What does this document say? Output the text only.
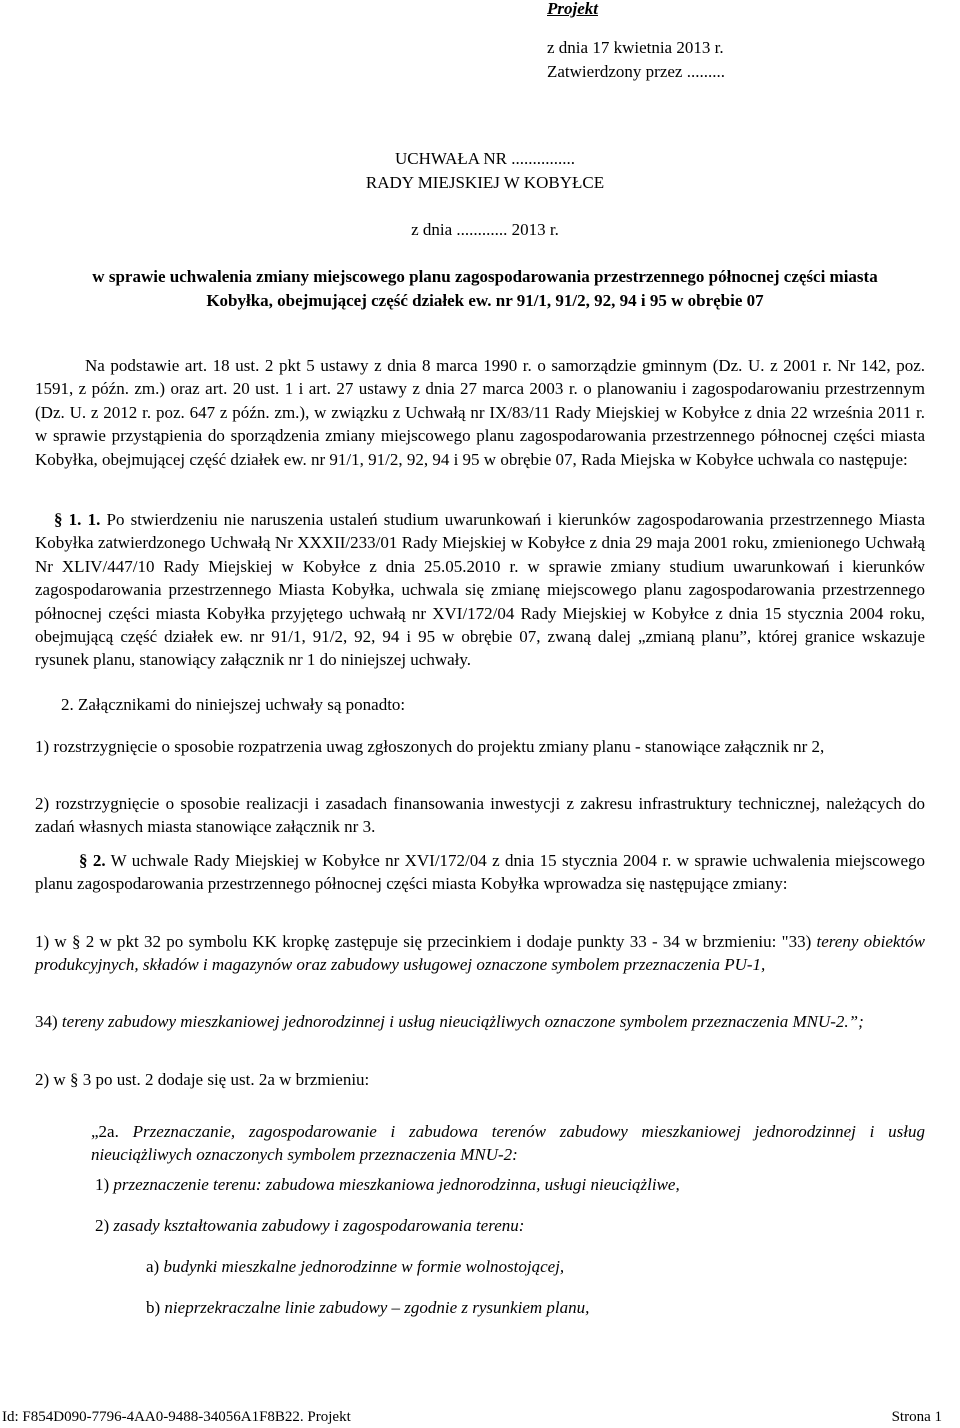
Projekt
z dnia 17 kwietnia 2013 r.
Zatwierdzony przez .........
UCHWAŁA NR ...............
RADY MIEJSKIEJ W KOBYŁCE
z dnia ............ 2013 r.
w sprawie uchwalenia zmiany miejscowego planu zagospodarowania przestrzennego północnej części miasta
Kobyłka, obejmującej część działek ew. nr 91/1, 91/2, 92, 94 i 95 w obrębie 07
Na podstawie art. 18 ust. 2 pkt 5 ustawy z dnia 8 marca 1990 r. o samorządzie gminnym (Dz. U. z 2001 r. Nr 142, poz. 1591, z późn. zm.) oraz art. 20 ust. 1 i art. 27 ustawy z dnia 27 marca 2003 r. o planowaniu i zagospodarowaniu przestrzennym (Dz. U. z 2012 r. poz. 647 z późn. zm.), w związku z Uchwałą nr IX/83/11 Rady Miejskiej w Kobyłce z dnia 22 września 2011 r. w sprawie przystąpienia do sporządzenia zmiany miejscowego planu zagospodarowania przestrzennego północnej części miasta Kobyłka, obejmującej część działek ew. nr 91/1, 91/2, 92, 94 i 95 w obrębie 07, Rada Miejska w Kobyłce uchwala co następuje:
§ 1. 1. Po stwierdzeniu nie naruszenia ustaleń studium uwarunkowań i kierunków zagospodarowania przestrzennego Miasta Kobyłka zatwierdzonego Uchwałą Nr XXXII/233/01 Rady Miejskiej w Kobyłce z dnia 29 maja 2001 roku, zmienionego Uchwałą Nr XLIV/447/10 Rady Miejskiej w Kobyłce z dnia 25.05.2010 r. w sprawie zmiany studium uwarunkowań i kierunków zagospodarowania przestrzennego Miasta Kobyłka, uchwala się zmianę miejscowego planu zagospodarowania przestrzennego północnej części miasta Kobyłka przyjętego uchwałą nr XVI/172/04 Rady Miejskiej w Kobyłce z dnia 15 stycznia 2004 roku, obejmującą część działek ew. nr 91/1, 91/2, 92, 94 i 95 w obrębie 07, zwaną dalej „zmianą planu”, której granice wskazuje rysunek planu, stanowiący załącznik nr 1 do niniejszej uchwały.
2. Załącznikami do niniejszej uchwały są ponadto:
1) rozstrzygnięcie o sposobie rozpatrzenia uwag zgłoszonych do projektu zmiany planu - stanowiące załącznik nr 2,
2) rozstrzygnięcie o sposobie realizacji i zasadach finansowania inwestycji z zakresu infrastruktury technicznej, należących do zadań własnych miasta stanowiące załącznik nr 3.
§ 2. W uchwale Rady Miejskiej w Kobyłce nr XVI/172/04 z dnia 15 stycznia 2004 r. w sprawie uchwalenia miejscowego planu zagospodarowania przestrzennego północnej części miasta Kobyłka wprowadza się następujące zmiany:
1) w § 2 w pkt 32 po symbolu KK kropkę zastępuje się przecinkiem i dodaje punkty 33 - 34 w brzmieniu: "33) tereny obiektów produkcyjnych, składów i magazynów oraz zabudowy usługowej oznaczone symbolem przeznaczenia PU-1,
34) tereny zabudowy mieszkaniowej jednorodzinnej i usług nieuciążliwych oznaczone symbolem przeznaczenia MNU-2.”;
2) w § 3 po ust. 2 dodaje się ust. 2a w brzmieniu:
„2a. Przeznaczanie, zagospodarowanie i zabudowa terenów zabudowy mieszkaniowej jednorodzinnej i usług nieuciążliwych oznaczonych symbolem przeznaczenia MNU-2:
1) przeznaczenie terenu: zabudowa mieszkaniowa jednorodzinna, usługi nieuciążliwe,
2) zasady kształtowania zabudowy i zagospodarowania terenu:
a) budynki mieszkalne jednorodzinne w formie wolnostojącej,
b) nieprzekraczalne linie zabudowy – zgodnie z rysunkiem planu,
Id: F854D090-7796-4AA0-9488-34056A1F8B22. Projekt	Strona 1
